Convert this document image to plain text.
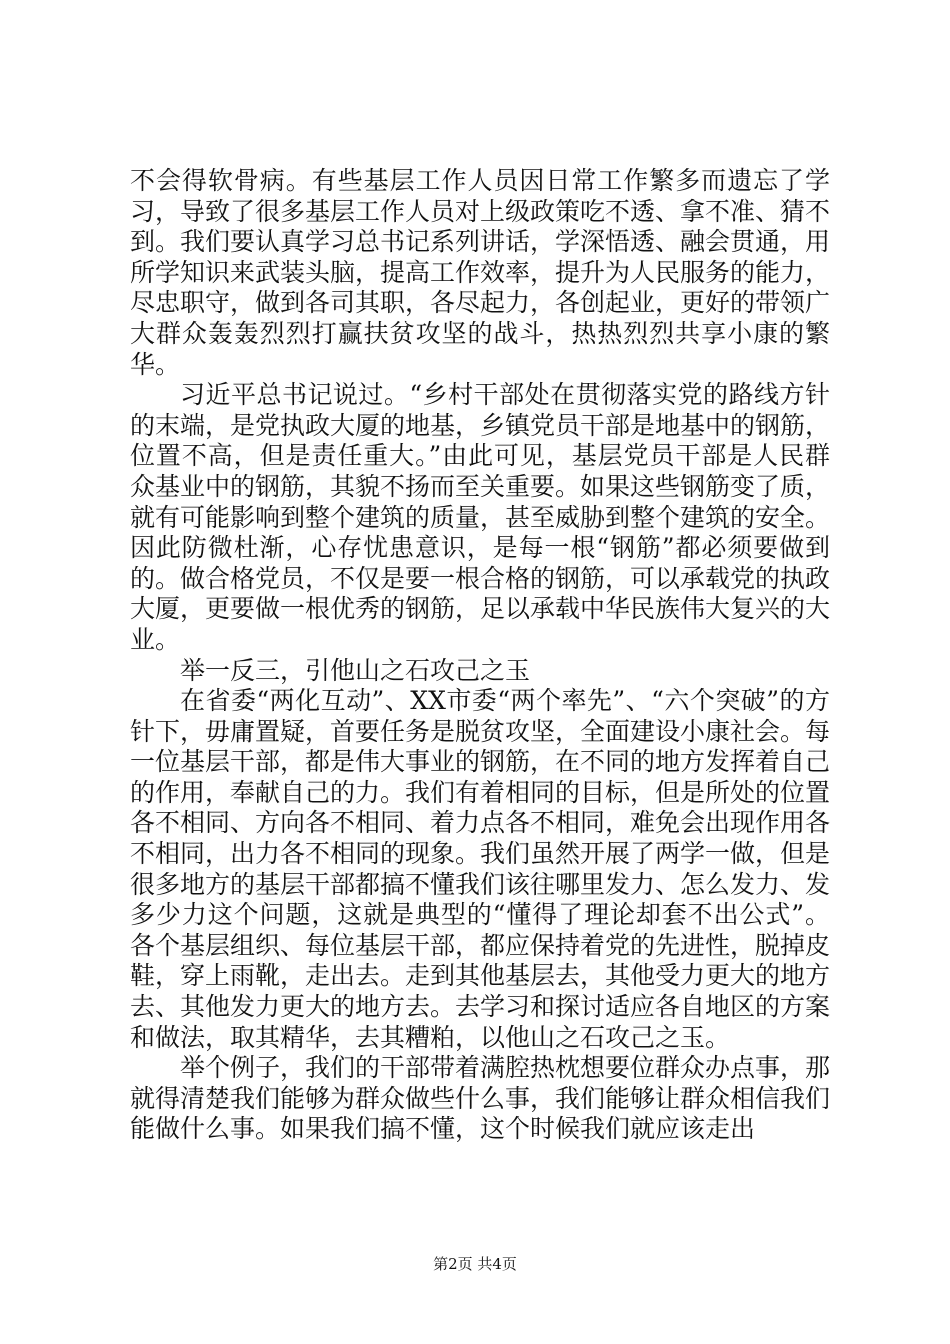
不会得软骨病。有些基层工作人员因日常工作繁多而遗忘了学习，导致了很多基层工作人员对上级政策吃不透、拿不准、猜不到。我们要认真学习总书记系列讲话，学深悟透、融会贯通，用所学知识来武装头脑，提高工作效率，提升为人民服务的能力，尽忠职守，做到各司其职，各尽起力，各创起业，更好的带领广大群众轰轰烈烈打赢扶贫攻坚的战斗，热热烈烈共享小康的繁华。

习近平总书记说过。“乡村干部处在贯彻落实党的路线方针的末端，是党执政大厦的地基，乡镇党员干部是地基中的钢筋，位置不高，但是责任重大。”由此可见，基层党员干部是人民群众基业中的钢筋，其貌不扬而至关重要。如果这些钢筋变了质，就有可能影响到整个建筑的质量，甚至威胁到整个建筑的安全。因此防微杜渐，心存忧患意识，是每一根“钢筋”都必须要做到的。做合格党员，不仅是要一根合格的钢筋，可以承载党的执政大厦，更要做一根优秀的钢筋，足以承载中华民族伟大复兴的大业。

举一反三，引他山之石攻己之玉

在省委“两化互动”、XX市委“两个率先”、“六个突破”的方针下，毋庸置疑，首要任务是脱贫攻坚，全面建设小康社会。每一位基层干部，都是伟大事业的钢筋，在不同的地方发挥着自己的作用，奉献自己的力。我们有着相同的目标，但是所处的位置各不相同、方向各不相同、着力点各不相同，难免会出现作用各不相同，出力各不相同的现象。我们虽然开展了两学一做，但是很多地方的基层干部都搞不懂我们该往哪里发力、怎么发力、发多少力这个问题，这就是典型的“懂得了理论却套不出公式”。各个基层组织、每位基层干部，都应保持着党的先进性，脱掉皮鞋，穿上雨靴，走出去。走到其他基层去，其他受力更大的地方去、其他发力更大的地方去。去学习和探讨适应各自地区的方案和做法，取其精华，去其糟粕，以他山之石攻己之玉。

举个例子，我们的干部带着满腔热枕想要位群众办点事，那就得清楚我们能够为群众做些什么事，我们能够让群众相信我们能做什么事。如果我们搞不懂，这个时候我们就应该走出

第2页 共4页
